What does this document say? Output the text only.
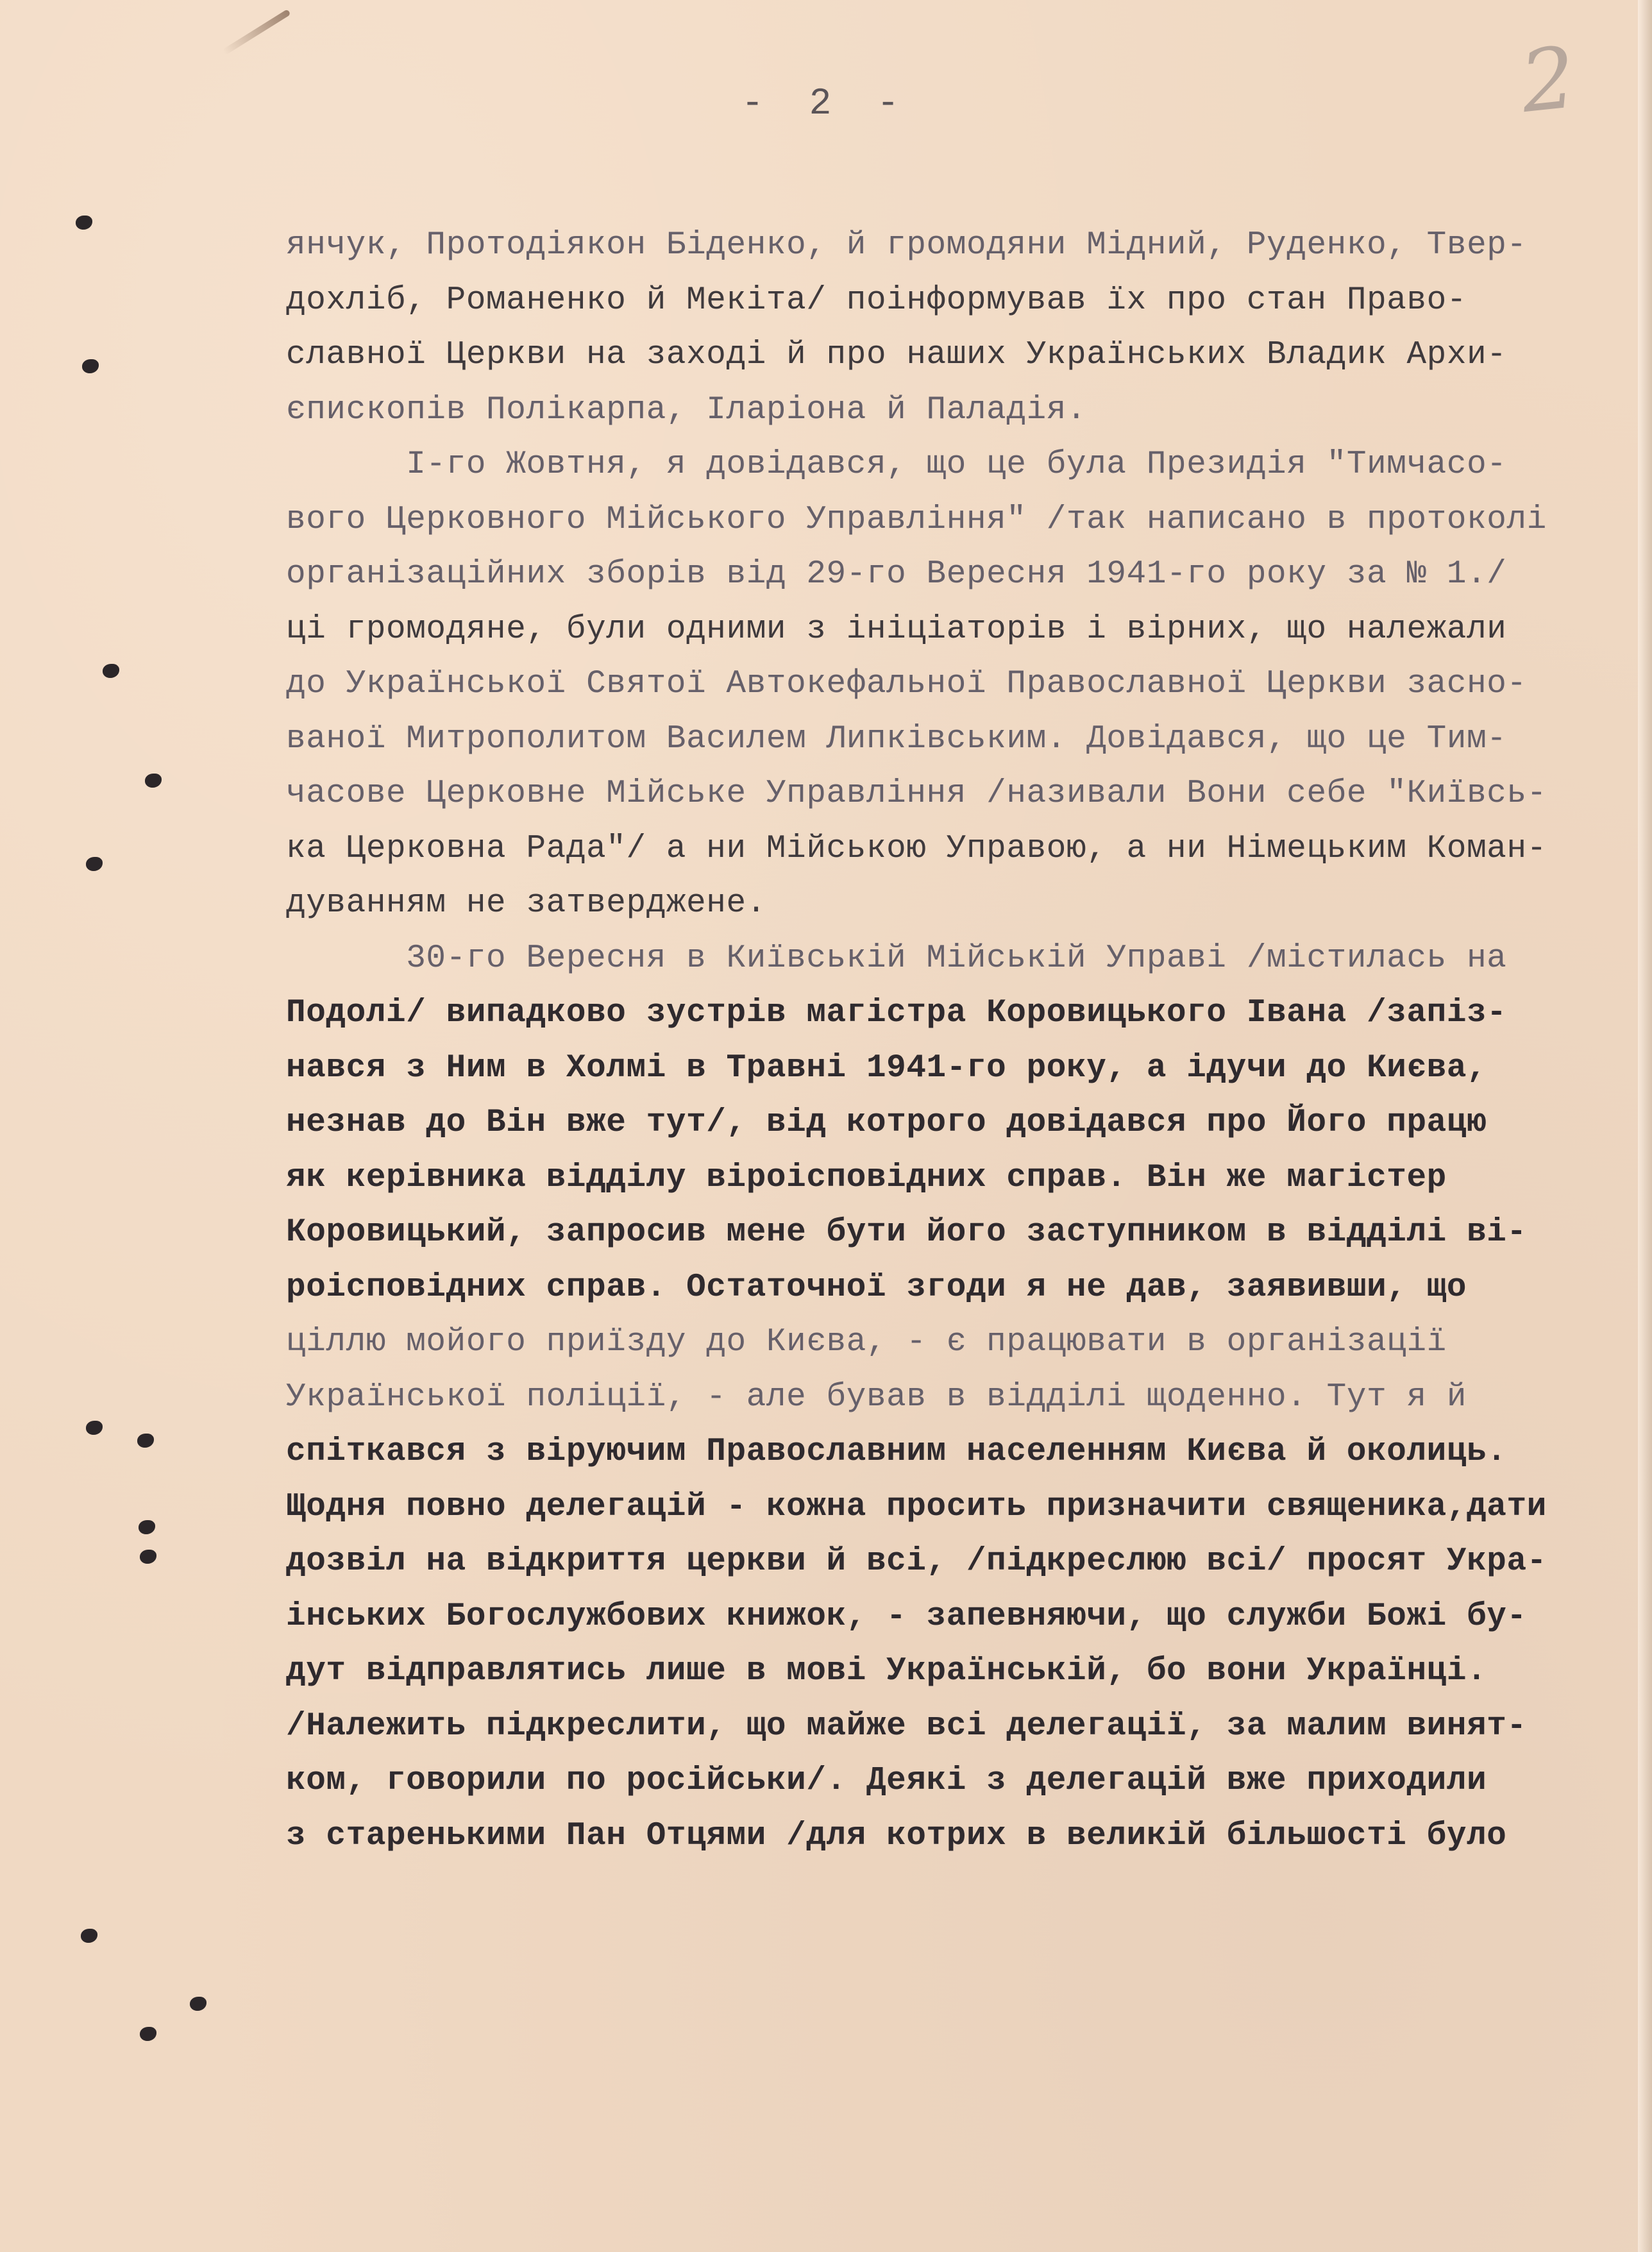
- 2 -	2
янчук, Протодіякон Біденко, й громодяни Мідний, Руденко, Твер-
дохліб, Романенко й Мекіта/ поінформував їх про стан Право-
славної Церкви на заході й про наших Українських Владик Архи-
єпископів Полікарпа, Іларіона й Паладія.
І-го Жовтня, я довідався, що це була Президія "Тимчасо-
вого Церковного Мійського Управління" /так написано в протоколі
організаційних зборів від 29-го Вересня 1941-го року за № 1./
ці громодяне, були одними з ініціаторів і вірних, що належали
до Української Святої Автокефальної Православної Церкви засно-
ваної Митрополитом Василем Липківським. Довідався, що це Тим-
часове Церковне Мійське Управління /називали Вони себе "Київсь-
ка Церковна Рада"/ а ни Мійською Управою, а ни Німецьким Коман-
дуванням не затверджене.
30-го Вересня в Київській Мійській Управі /містилась на
Подолі/ випадково зустрів магістра Коровицького Івана /запіз-
нався з Ним в Холмі в Травні 1941-го року, а ідучи до Києва,
незнав до Він вже тут/, від котрого довідався про Його працю
як керівника відділу віроісповідних справ. Він же магістер
Коровицький, запросив мене бути його заступником в відділі ві-
роісповідних справ. Остаточної згоди я не дав, заявивши, що
ціллю мойого приїзду до Києва, - є працювати в організації
Української поліції, - але бував в відділі щоденно. Тут я й
спіткався з віруючим Православним населенням Києва й околиць.
Щодня повно делегацій - кожна просить призначити священика,дати
дозвіл на відкриття церкви й всі, /підкреслюю всі/ просят Укра-
інських Богослужбових книжок, - запевняючи, що служби Божі бу-
дут відправлятись лише в мові Українській, бо вони Українці.
/Належить підкреслити, що майже всі делегації, за малим винят-
ком, говорили по російськи/. Деякі з делегацій вже приходили
з старенькими Пан Отцями /для котрих в великій більшості було
